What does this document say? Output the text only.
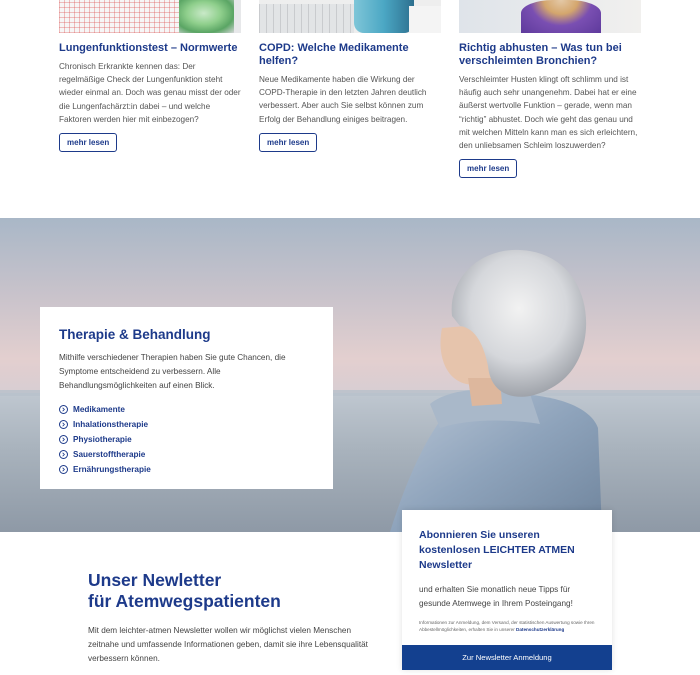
Lungenfunktionstest – Normwerte

Chronisch Erkrankte kennen das: Der regelmäßige Check der Lungenfunktion steht wieder einmal an. Doch was genau misst der oder die Lungenfachärzt:in dabei – und welche Faktoren werden hier mit einbezogen?

mehr lesen
COPD: Welche Medikamente helfen?

Neue Medikamente haben die Wirkung der COPD-Therapie in den letzten Jahren deutlich verbessert. Aber auch Sie selbst können zum Erfolg der Behandlung einiges beitragen.

mehr lesen
Richtig abhusten – Was tun bei verschleimten Bronchien?

Verschleimter Husten klingt oft schlimm und ist häufig auch sehr unangenehm. Dabei hat er eine äußerst wertvolle Funktion – gerade, wenn man “richtig” abhustet. Doch wie geht das genau und mit welchen Mitteln kann man es sich erleichtern, den unliebsamen Schleim loszuwerden?

mehr lesen
Therapie & Behandlung

Mithilfe verschiedener Therapien haben Sie gute Chancen, die Symptome entscheidend zu verbessern. Alle Behandlungsmöglichkeiten auf einen Blick.

Medikamente
Inhalationstherapie
Physiotherapie
Sauerstofftherapie
Ernährungstherapie
Unser Newletter
für Atemwegspatienten

Mit dem leichter-atmen Newsletter wollen wir möglichst vielen Menschen zeitnahe und umfassende Informationen geben, damit sie ihre Lebensqualität verbessern können.

Abonnieren Sie unseren kostenlosen LEICHTER ATMEN Newsletter

und erhalten Sie monatlich neue Tipps für gesunde Atemwege in Ihrem Posteingang!

Informationen zur Anmeldung, dem Versand, der statistischen Auswertung sowie Ihren Abbestellmöglichkeiten, erhalten Sie in unserer Datenschutzerklärung

Zur Newsletter Anmeldung
